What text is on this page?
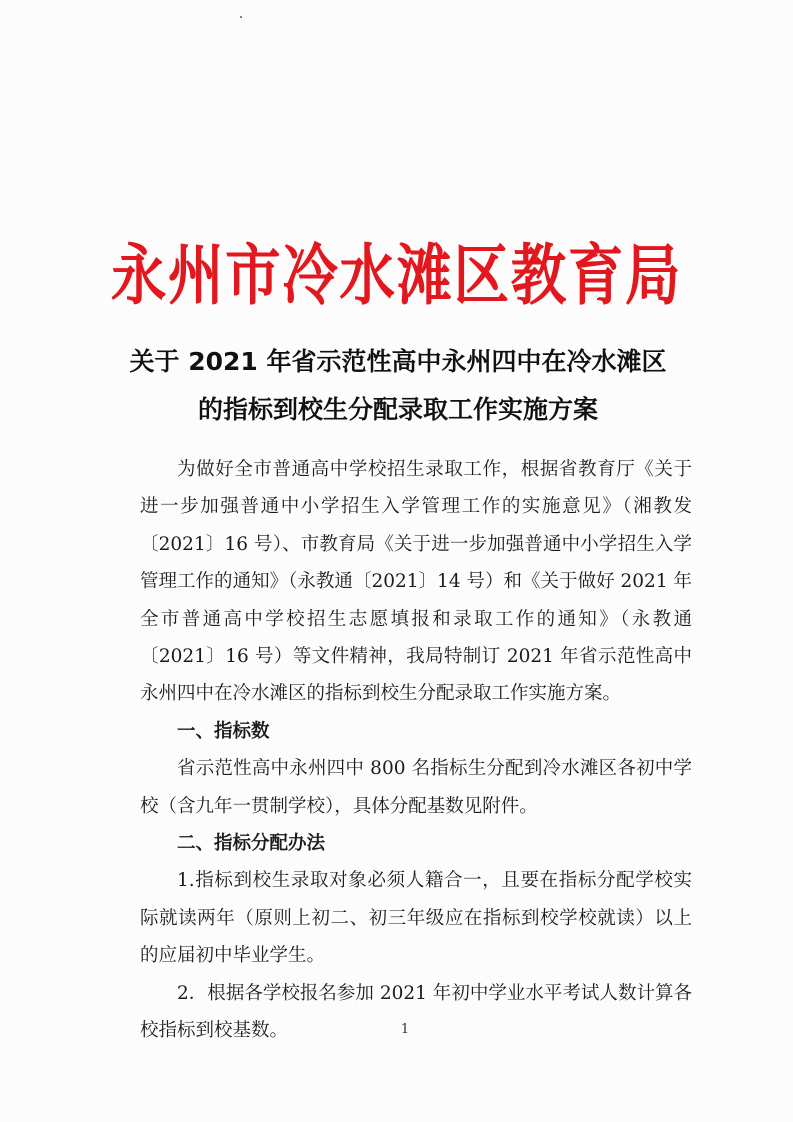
永州市冷水滩区教育局
关于 2021 年省示范性高中永州四中在冷水滩区的指标到校生分配录取工作实施方案

为做好全市普通高中学校招生录取工作，根据省教育厅《关于进一步加强普通中小学招生入学管理工作的实施意见》（湘教发〔2021〕16 号）、市教育局《关于进一步加强普通中小学招生入学管理工作的通知》（永教通〔2021〕14 号）和《关于做好 2021 年全市普通高中学校招生志愿填报和录取工作的通知》（永教通〔2021〕16 号）等文件精神，我局特制订 2021 年省示范性高中永州四中在冷水滩区的指标到校生分配录取工作实施方案。

一、指标数

省示范性高中永州四中 800 名指标生分配到冷水滩区各初中学校（含九年一贯制学校），具体分配基数见附件。

二、指标分配办法

1.指标到校生录取对象必须人籍合一，且要在指标分配学校实际就读两年（原则上初二、初三年级应在指标到校学校就读）以上的应届初中毕业学生。

2．根据各学校报名参加 2021 年初中学业水平考试人数计算各校指标到校基数。	1
